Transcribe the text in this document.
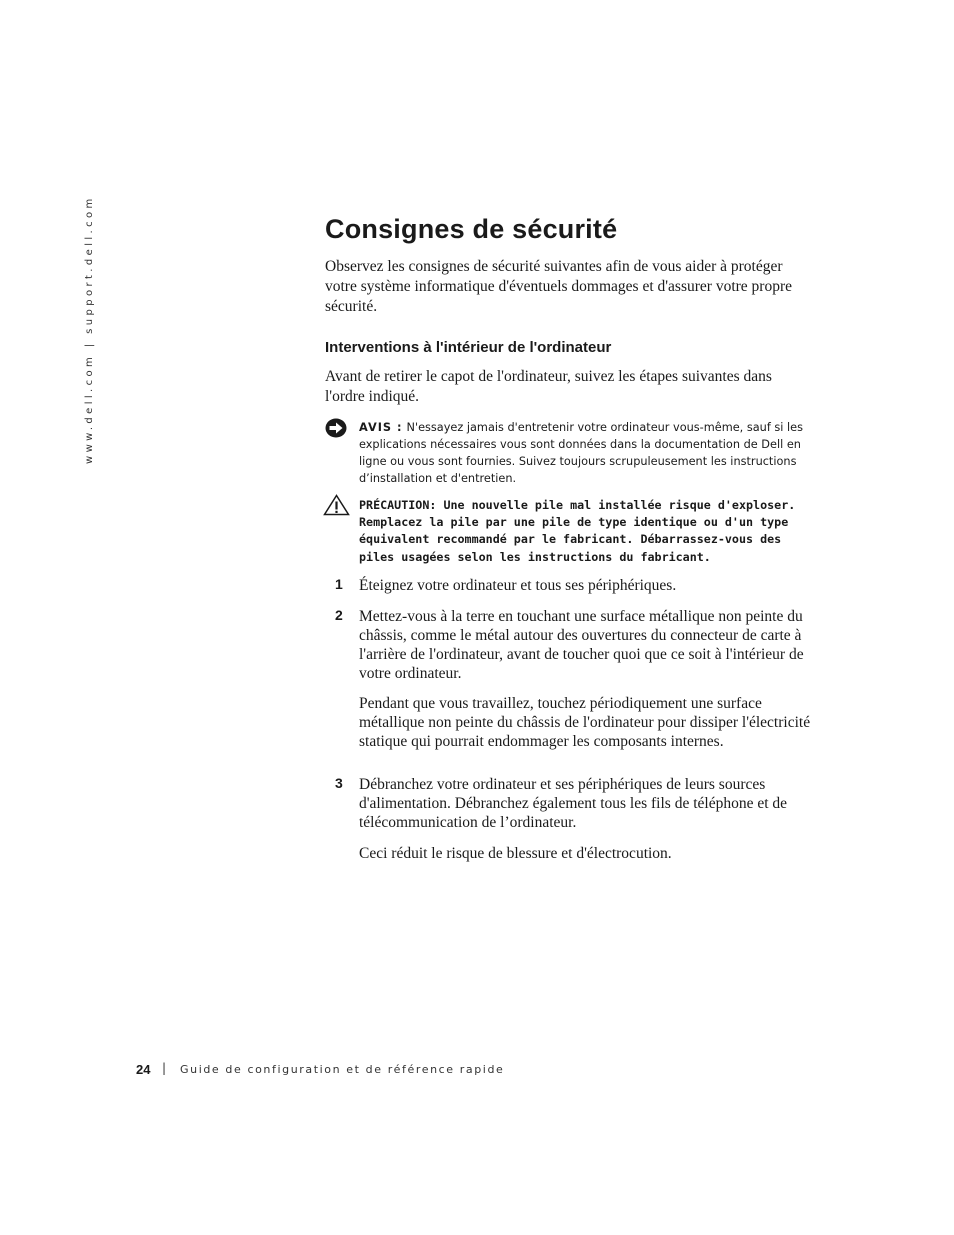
www.dell.com | support.dell.com	Consignes de sécurité

Observez les consignes de sécurité suivantes afin de vous aider à protéger votre système informatique d'éventuels dommages et d'assurer votre propre sécurité.

Interventions à l'intérieur de l'ordinateur

Avant de retirer le capot de l'ordinateur, suivez les étapes suivantes dans l'ordre indiqué.

AVIS : N'essayez jamais d'entretenir votre ordinateur vous-même, sauf si les explications nécessaires vous sont données dans la documentation de Dell en ligne ou vous sont fournies. Suivez toujours scrupuleusement les instructions d’installation et d'entretien.

PRÉCAUTION: Une nouvelle pile mal installée risque d'exploser. Remplacez la pile par une pile de type identique ou d'un type équivalent recommandé par le fabricant. Débarrassez-vous des piles usagées selon les instructions du fabricant.

1 Éteignez votre ordinateur et tous ses périphériques.

2 Mettez-vous à la terre en touchant une surface métallique non peinte du châssis, comme le métal autour des ouvertures du connecteur de carte à l'arrière de l'ordinateur, avant de toucher quoi que ce soit à l'intérieur de votre ordinateur.

Pendant que vous travaillez, touchez périodiquement une surface métallique non peinte du châssis de l'ordinateur pour dissiper l'électricité statique qui pourrait endommager les composants internes.

3 Débranchez votre ordinateur et ses périphériques de leurs sources d'alimentation. Débranchez également tous les fils de téléphone et de télécommunication de l’ordinateur.

Ceci réduit le risque de blessure et d'électrocution.

24 | Guide de configuration et de référence rapide
